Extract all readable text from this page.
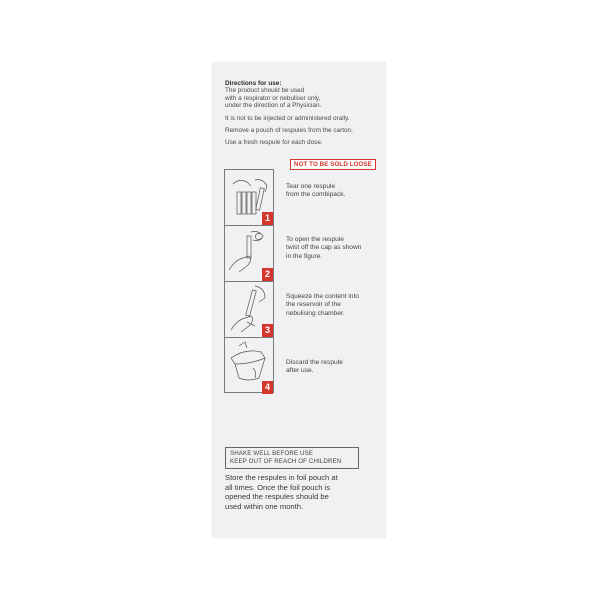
Directions for use:
The product should be used
with a respirator or nebuliser only,
under the direction of a Physician.
It is not to be injected or administered orally.
Remove a pouch of respules from the carton.
Use a fresh respule for each dose.
NOT TO BE SOLD LOOSE
1
2
3
4
Tear one respule
from the combipack.
To open the respule
twist off the cap as shown
in the figure.
Squeeze the content into
the reservoir of the
nebulising chamber.
Discard the respule
after use.
SHAKE WELL BEFORE USE
KEEP OUT OF REACH OF CHILDREN
Store the respules in foil pouch at
all times. Once the foil pouch is
opened the respules should be
used within one month.
